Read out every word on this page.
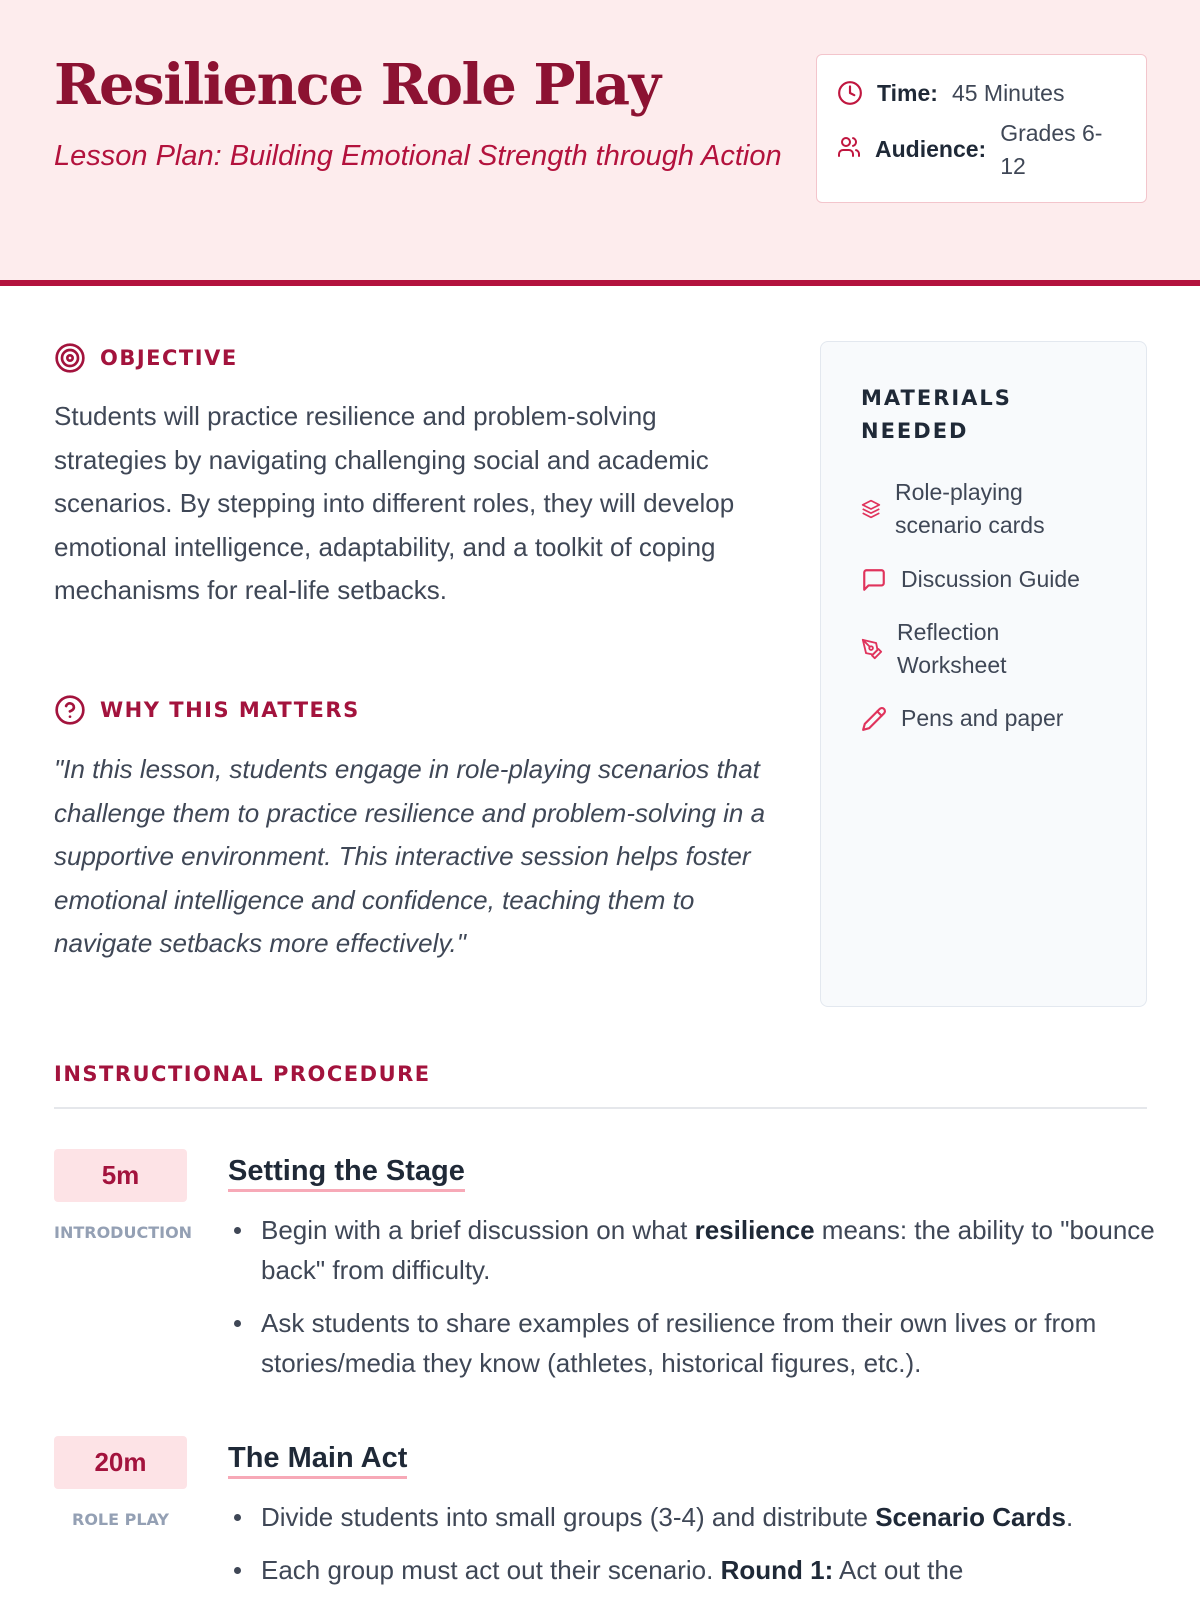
Resilience Role Play
Lesson Plan: Building Emotional Strength through Action
Time: 45 Minutes
Audience:
Grades 6-12
OBJECTIVE

Students will practice resilience and problem-solving strategies by navigating challenging social and academic scenarios. By stepping into different roles, they will develop emotional intelligence, adaptability, and a toolkit of coping mechanisms for real-life setbacks.

WHY THIS MATTERS

"In this lesson, students engage in role-playing scenarios that challenge them to practice resilience and problem-solving in a supportive environment. This interactive session helps foster emotional intelligence and confidence, teaching them to navigate setbacks more effectively."

MATERIALS NEEDED
Role-playing scenario cards
Discussion Guide
Reflection Worksheet
Pens and paper
INSTRUCTIONAL PROCEDURE
5m
INTRODUCTION
Setting the Stage
Begin with a brief discussion on what resilience means: the ability to "bounce back" from difficulty.
Ask students to share examples of resilience from their own lives or from stories/media they know (athletes, historical figures, etc.).
20m
ROLE PLAY
The Main Act
Divide students into small groups (3-4) and distribute Scenario Cards.
Each group must act out their scenario. Round 1: Act out the
